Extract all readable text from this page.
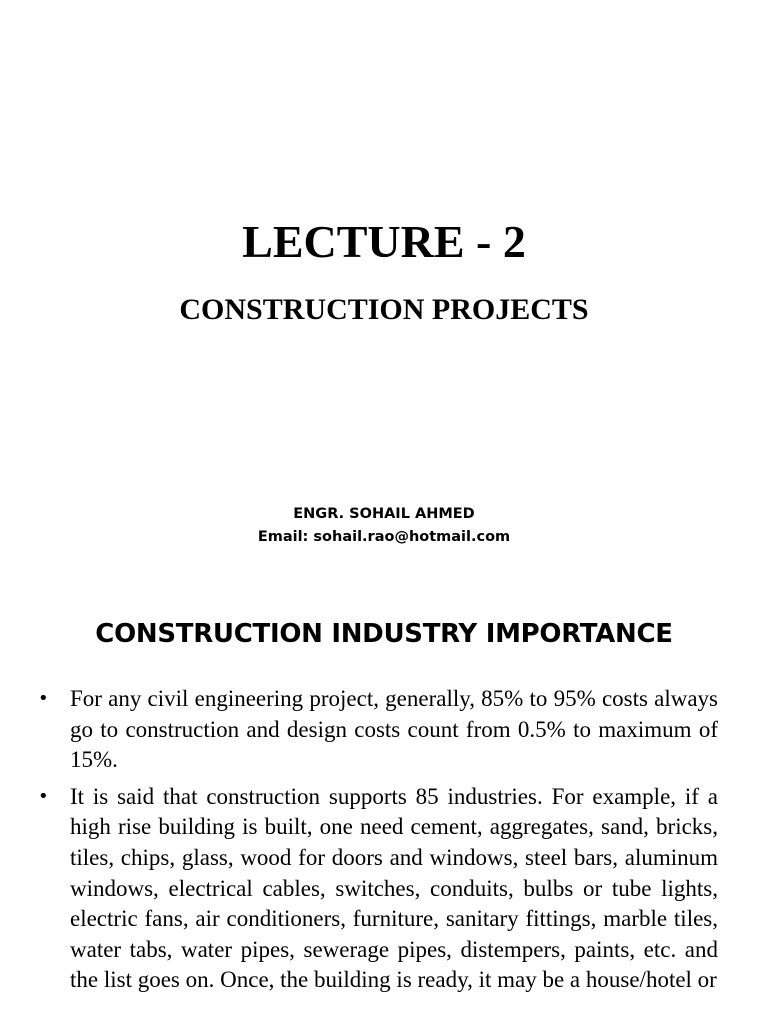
LECTURE - 2
CONSTRUCTION PROJECTS
ENGR. SOHAIL AHMED
Email: sohail.rao@hotmail.com
CONSTRUCTION INDUSTRY IMPORTANCE
• For any civil engineering project, generally, 85% to 95% costs always go to construction and design costs count from 0.5% to maximum of 15%.
• It is said that construction supports 85 industries. For example, if a high rise building is built, one need cement, aggregates, sand, bricks, tiles, chips, glass, wood for doors and windows, steel bars, aluminum windows, electrical cables, switches, conduits, bulbs or tube lights, electric fans, air conditioners, furniture, sanitary fittings, marble tiles, water tabs, water pipes, sewerage pipes, distempers, paints, etc. and the list goes on. Once, the building is ready, it may be a house/hotel or
